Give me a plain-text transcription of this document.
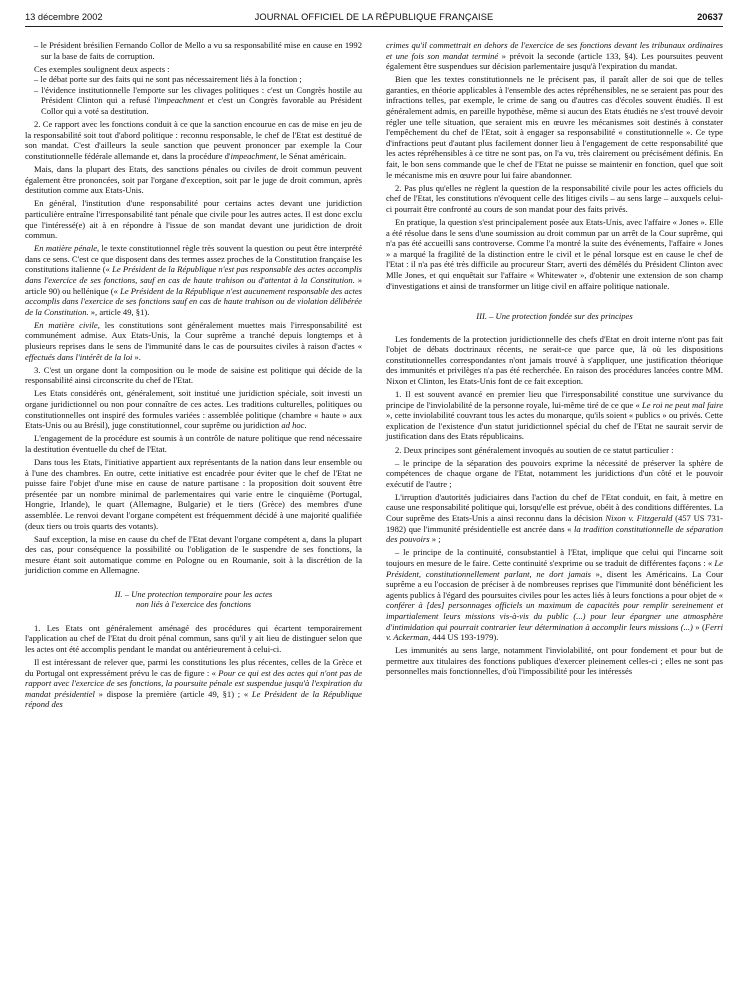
13 décembre 2002	JOURNAL OFFICIEL DE LA RÉPUBLIQUE FRANÇAISE	20637

– le Président brésilien Fernando Collor de Mello a vu sa responsabilité mise en cause en 1992 sur la base de faits de corruption.

Ces exemples soulignent deux aspects :

– le débat porte sur des faits qui ne sont pas nécessairement liés à la fonction ;

– l'évidence institutionnelle l'emporte sur les clivages politiques : c'est un Congrès hostile au Président Clinton qui a refusé l'impeachment et c'est un Congrès favorable au Président Collor qui a voté sa destitution.

2. Ce rapport avec les fonctions conduit à ce que la sanction encourue en cas de mise en jeu de la responsabilité soit tout d'abord politique : reconnu responsable, le chef de l'Etat est destitué de son mandat. C'est d'ailleurs la seule sanction que peuvent prononcer par exemple la Cour constitutionnelle fédérale allemande et, dans la procédure d'impeachment, le Sénat américain.

Mais, dans la plupart des Etats, des sanctions pénales ou civiles de droit commun peuvent également être prononcées, soit par l'organe d'exception, soit par le juge de droit commun, après destitution comme aux Etats-Unis.

En général, l'institution d'une responsabilité pour certains actes devant une juridiction particulière entraîne l'irresponsabilité tant pénale que civile pour les autres actes. Il est donc exclu que l'intéressé(e) ait à en répondre à l'issue de son mandat devant une juridiction de droit commun.

En matière pénale, le texte constitutionnel règle très souvent la question ou peut être interprété dans ce sens. C'est ce que disposent dans des termes assez proches de la Constitution française les constitutions italienne (« Le Président de la République n'est pas responsable des actes accomplis dans l'exercice de ses fonctions, sauf en cas de haute trahison ou d'attentat à la Constitution. » article 90) ou hellénique (« Le Président de la République n'est aucunement responsable des actes accomplis dans l'exercice de ses fonctions sauf en cas de haute trahison ou de violation délibérée de la Constitution. », article 49, §1).

En matière civile, les constitutions sont généralement muettes mais l'irresponsabilité est communément admise. Aux Etats-Unis, la Cour suprême a tranché depuis longtemps et à plusieurs reprises dans le sens de l'immunité dans le cas de poursuites civiles à raison d'actes « effectués dans l'intérêt de la loi ».

3. C'est un organe dont la composition ou le mode de saisine est politique qui décide de la responsabilité ainsi circonscrite du chef de l'Etat.

Les Etats considérés ont, généralement, soit institué une juridiction spéciale, soit investi un organe juridictionnel ou non pour connaître de ces actes. Les traditions culturelles, politiques ou constitutionnelles ont inspiré des formules variées : assemblée politique (chambre « haute » aux Etats-Unis ou au Brésil), juge constitutionnel, cour suprême ou juridiction ad hoc.

L'engagement de la procédure est soumis à un contrôle de nature politique que rend nécessaire la destitution éventuelle du chef de l'Etat.

Dans tous les Etats, l'initiative appartient aux représentants de la nation dans leur ensemble ou à l'une des chambres. En outre, cette initiative est encadrée pour éviter que le chef de l'Etat ne puisse faire l'objet d'une mise en cause de nature partisane : la proposition doit souvent être présentée par un nombre minimal de parlementaires qui varie entre le cinquième (Portugal, Hongrie, Irlande), le quart (Allemagne, Bulgarie) et le tiers (Grèce) des membres d'une assemblée. Le renvoi devant l'organe compétent est fréquemment décidé à une majorité qualifiée (deux tiers ou trois quarts des votants).

Sauf exception, la mise en cause du chef de l'Etat devant l'organe compétent a, dans la plupart des cas, pour conséquence la possibilité ou l'obligation de le suspendre de ses fonctions, la mesure étant soit automatique comme en Pologne ou en Roumanie, soit à la discrétion de la juridiction comme en Allemagne.

II. – Une protection temporaire pour les actes
non liés à l'exercice des fonctions

1. Les Etats ont généralement aménagé des procédures qui écartent temporairement l'application au chef de l'Etat du droit pénal commun, sans qu'il y ait lieu de distinguer selon que les actes ont été accomplis pendant le mandat ou antérieurement à celui-ci.

Il est intéressant de relever que, parmi les constitutions les plus récentes, celles de la Grèce et du Portugal ont expressément prévu le cas de figure : « Pour ce qui est des actes qui n'ont pas de rapport avec l'exercice de ses fonctions, la poursuite pénale est suspendue jusqu'à l'expiration du mandat présidentiel » dispose la première (article 49, §1) ; « Le Président de la République répond des

crimes qu'il commettrait en dehors de l'exercice de ses fonctions devant les tribunaux ordinaires et une fois son mandat terminé » prévoit la seconde (article 133, §4). Les poursuites peuvent également être suspendues sur décision parlementaire jusqu'à l'expiration du mandat.

Bien que les textes constitutionnels ne le précisent pas, il paraît aller de soi que de telles garanties, en théorie applicables à l'ensemble des actes répréhensibles, ne se seraient pas pour des infractions telles, par exemple, le crime de sang ou d'autres cas d'écoles souvent étudiés. Il est généralement admis, en pareille hypothèse, même si aucun des Etats étudiés ne s'est trouvé devoir régler une telle situation, que seraient mis en œuvre les mécanismes soit destinés à constater l'empêchement du chef de l'Etat, soit à engager sa responsabilité « constitutionnelle ». Ce type d'infractions peut d'autant plus facilement donner lieu à l'engagement de cette responsabilité que les actes répréhensibles à ce titre ne sont pas, on l'a vu, très clairement ou précisément définis. En fait, le bon sens commande que le chef de l'Etat ne puisse se maintenir en fonction, quel que soit le mécanisme mis en œuvre pour lui faire abandonner.

2. Pas plus qu'elles ne règlent la question de la responsabilité civile pour les actes officiels du chef de l'Etat, les constitutions n'évoquent celle des litiges civils – au sens large – auxquels celui-ci pourrait être confronté au cours de son mandat pour des faits privés.

En pratique, la question s'est principalement posée aux Etats-Unis, avec l'affaire « Jones ». Elle a été résolue dans le sens d'une soumission au droit commun par un arrêt de la Cour suprême, qui n'a pas été accueilli sans controverse. Comme l'a montré la suite des événements, l'affaire « Jones » a marqué la fragilité de la distinction entre le civil et le pénal lorsque est en cause le chef de l'Etat : il n'a pas été très difficile au procureur Starr, averti des démêlés du Président Clinton avec Mlle Jones, et qui enquêtait sur l'affaire « Whitewater », d'obtenir une extension de son champ d'investigations et ainsi de transformer un litige civil en affaire politique nationale.

III. – Une protection fondée sur des principes

Les fondements de la protection juridictionnelle des chefs d'Etat en droit interne n'ont pas fait l'objet de débats doctrinaux récents, ne serait-ce que parce que, là où les dispositions constitutionnelles correspondantes n'ont jamais trouvé à s'appliquer, une justification théorique des immunités et privilèges n'a pas été recherchée. En raison des procédures lancées contre MM. Nixon et Clinton, les Etats-Unis font de ce fait exception.

1. Il est souvent avancé en premier lieu que l'irresponsabilité constitue une survivance du principe de l'inviolabilité de la personne royale, lui-même tiré de ce que « Le roi ne peut mal faire », cette inviolabilité couvrant tous les actes du monarque, qu'ils soient « publics » ou privés. Cette explication de l'existence d'un statut juridictionnel spécial du chef de l'Etat ne saurait servir de justification dans des Etats républicains.

2. Deux principes sont généralement invoqués au soutien de ce statut particulier :

– le principe de la séparation des pouvoirs exprime la nécessité de préserver la sphère de compétences de chaque organe de l'Etat, notamment les juridictions d'un côté et le pouvoir exécutif de l'autre ;

L'irruption d'autorités judiciaires dans l'action du chef de l'Etat conduit, en fait, à mettre en cause une responsabilité politique qui, lorsqu'elle est prévue, obéit à des conditions différentes. La Cour suprême des Etats-Unis a ainsi reconnu dans la décision Nixon v. Fitzgerald (457 US 731-1982) que l'immunité présidentielle est ancrée dans « la tradition constitutionnelle de séparation des pouvoirs » ;

– le principe de la continuité, consubstantiel à l'Etat, implique que celui qui l'incarne soit toujours en mesure de le faire. Cette continuité s'exprime ou se traduit de différentes façons : « Le Président, constitutionnellement parlant, ne dort jamais », disent les Américains. La Cour suprême a eu l'occasion de préciser à de nombreuses reprises que l'immunité dont bénéficient les agents publics à l'égard des poursuites civiles pour les actes liés à leurs fonctions a pour objet de « conférer à [des] personnages officiels un maximum de capacités pour remplir sereinement et impartialement leurs missions vis-à-vis du public (...) pour leur épargner une atmosphère d'intimidation qui pourrait contrarier leur détermination à accomplir leurs missions (...) » (Ferri v. Ackerman, 444 US 193-1979).

Les immunités au sens large, notamment l'inviolabilité, ont pour fondement et pour but de permettre aux titulaires des fonctions publiques d'exercer pleinement celles-ci ; elles ne sont pas personnelles mais fonctionnelles, d'où l'impossibilité pour les intéressés
